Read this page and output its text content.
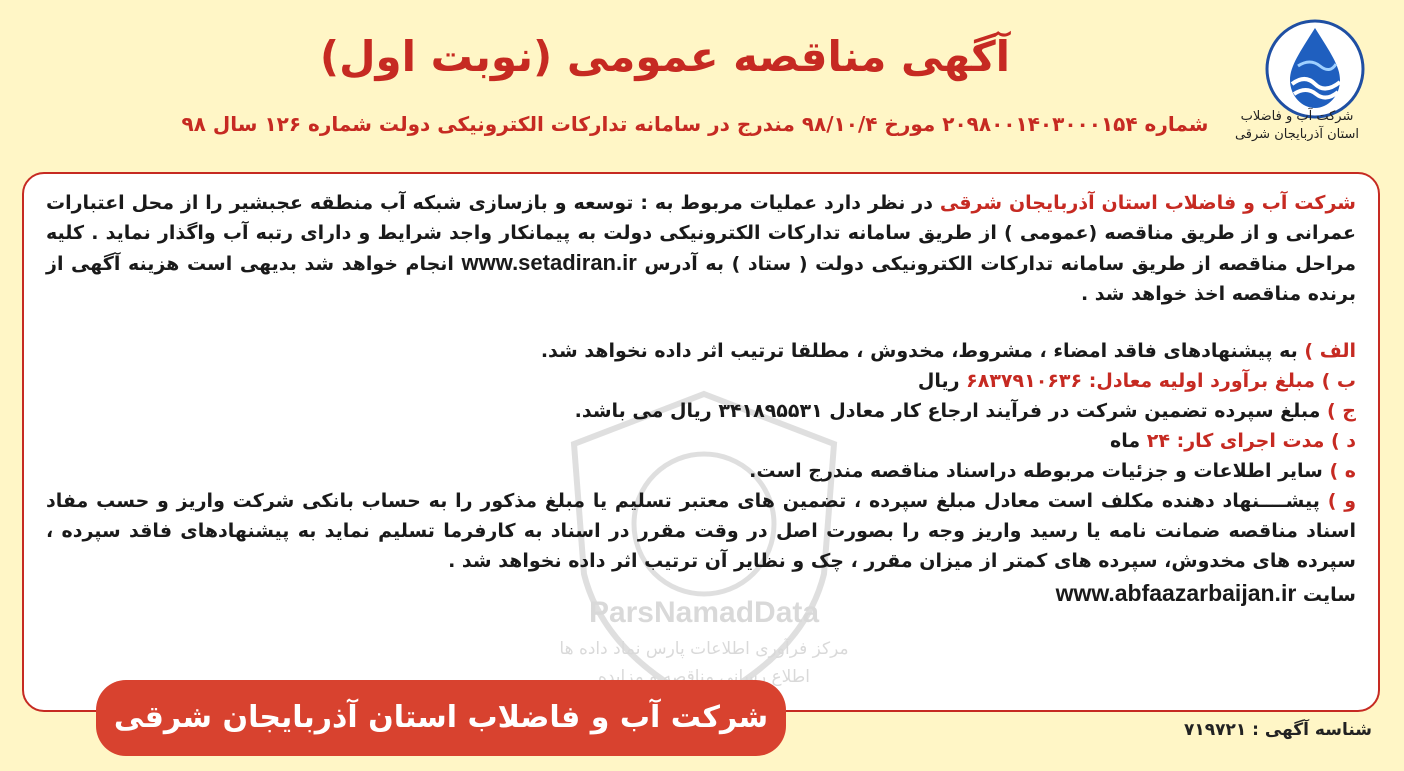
شرکت آب و فاضلاب
استان آذربایجان شرقی
آگهی مناقصه عمومی (نوبت اول)
شماره ۲۰۹۸۰۰۱۴۰۳۰۰۰۱۵۴ مورخ ۹۸/۱۰/۴ مندرج در سامانه تدارکات الکترونیکی دولت شماره ۱۲۶ سال ۹۸
ParsNamadData
مرکز فرآوری اطلاعات پارس نماد داده ها
اطلاع رسانی مناقصه و مزایده
شرکت آب و فاضلاب استان آذربایجان شرقی در نظر دارد عملیات مربوط به : توسعه و بازسازی شبکه آب منطقه عجبشیر را از محل اعتبارات عمرانی و از طریق مناقصه (عمومی ) از طریق سامانه تدارکات الکترونیکی دولت به پیمانکار واجد شرایط و دارای رتبه آب واگذار نماید . کلیه مراحل مناقصه از طریق سامانه تدارکات الکترونیکی دولت ( ستاد ) به آدرس www.setadiran.ir انجام خواهد شد بدیهی است هزینه آگهی از برنده مناقصه اخذ خواهد شد .
الف ) به پیشنهادهای فاقد امضاء ، مشروط، مخدوش ، مطلقا ترتیب اثر داده نخواهد شد.
ب ) مبلغ برآورد اولیه معادل: ۶۸۳۷۹۱۰۶۳۶ ریال
ج ) مبلغ سپرده تضمین شرکت در فرآیند ارجاع کار معادل ۳۴۱۸۹۵۵۳۱ ریال می باشد.
د ) مدت اجرای کار: ۲۴ ماه
ه ) سایر اطلاعات و جزئیات مربوطه دراسناد مناقصه مندرج است.
و ) پیشــــنهاد دهنده مکلف است معادل مبلغ سپرده ، تضمین های معتبر تسلیم یا مبلغ مذکور را به حساب بانکی شرکت واریز و حسب مفاد اسناد مناقصه ضمانت نامه یا رسید واریز وجه را بصورت اصل در وقت مقرر در اسناد به کارفرما تسلیم نماید به پیشنهادهای فاقد سپرده ، سپرده های مخدوش، سپرده های کمتر از میزان مقرر ، چک و نظایر آن ترتیب اثر داده نخواهد شد .
سایت www.abfaazarbaijan.ir
شرکت آب و فاضلاب استان آذربایجان شرقی	شناسه آگهی : ۷۱۹۷۲۱
